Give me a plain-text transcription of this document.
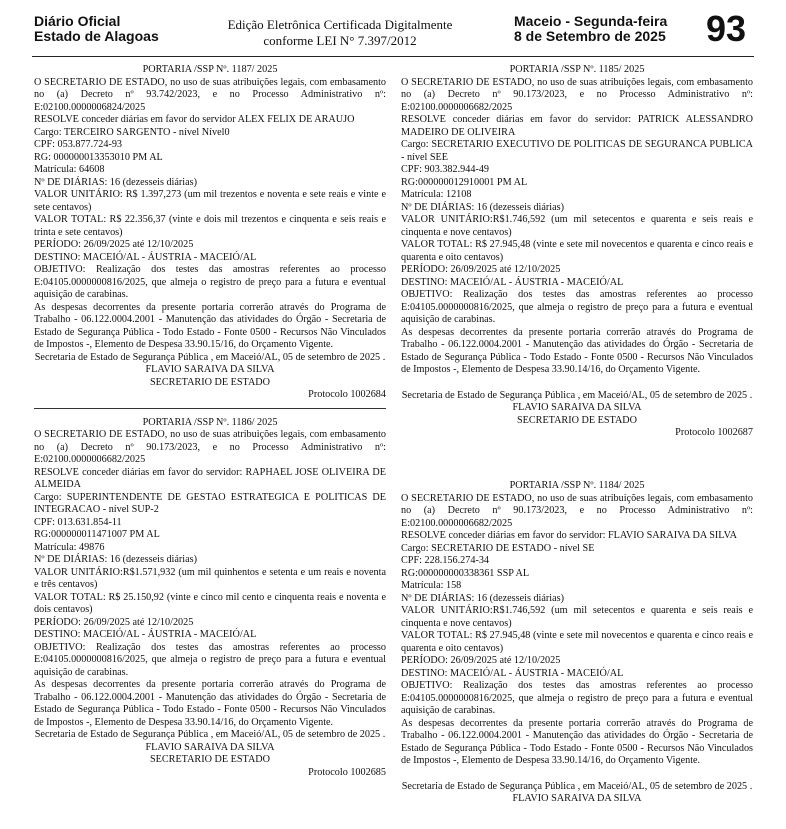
Diário Oficial
Estado de Alagoas
Edição Eletrônica Certificada Digitalmente
conforme LEI N° 7.397/2012
Maceio - Segunda-feira
8 de Setembro de 2025 93

PORTARIA /SSP Nº. 1187/ 2025

O SECRETARIO DE ESTADO, no uso de suas atribuições legais, com embasamento no (a) Decreto nº 93.742/2023, e no Processo Administrativo nº: E:02100.0000006824/2025

RESOLVE conceder diárias em favor do servidor ALEX FELIX DE ARAUJO

Cargo: TERCEIRO SARGENTO - nível Nível0

CPF: 053.877.724-93

RG: 000000013353010 PM AL

Matrícula: 64608

Nº DE DIÁRIAS: 16 (dezesseis diárias)

VALOR UNITÁRIO: R$ 1.397,273 (um mil trezentos e noventa e sete reais e vinte e sete centavos)

VALOR TOTAL: R$ 22.356,37 (vinte e dois mil trezentos e cinquenta e seis reais e trinta e sete centavos)

PERÍODO: 26/09/2025 até 12/10/2025

DESTINO: MACEIÓ/AL - ÁUSTRIA - MACEIÓ/AL

OBJETIVO: Realização dos testes das amostras referentes ao processo E:04105.0000000816/2025, que almeja o registro de preço para a futura e eventual aquisição de carabinas.

As despesas decorrentes da presente portaria correrão através do Programa de Trabalho - 06.122.0004.2001 - Manutenção das atividades do Órgão - Secretaria de Estado de Segurança Pública - Todo Estado - Fonte 0500 - Recursos Não Vinculados de Impostos -, Elemento de Despesa 33.90.15/16, do Orçamento Vigente.

Secretaria de Estado de Segurança Pública , em Maceió/AL, 05 de setembro de 2025 .

FLAVIO SARAIVA DA SILVA

SECRETARIO DE ESTADO

Protocolo 1002684

PORTARIA /SSP Nº. 1186/ 2025

O SECRETARIO DE ESTADO, no uso de suas atribuições legais, com embasamento no (a) Decreto nº 90.173/2023, e no Processo Administrativo nº: E:02100.0000006682/2025

RESOLVE conceder diárias em favor do servidor: RAPHAEL JOSE OLIVEIRA DE ALMEIDA

Cargo: SUPERINTENDENTE DE GESTAO ESTRATEGICA E POLITICAS DE INTEGRACAO - nível SUP-2

CPF: 013.631.854-11

RG:000000011471007 PM AL

Matrícula: 49876

Nº DE DIÁRIAS: 16 (dezesseis diárias)

VALOR UNITÁRIO:R$1.571,932 (um mil quinhentos e setenta e um reais e noventa e três centavos)

VALOR TOTAL: R$ 25.150,92 (vinte e cinco mil cento e cinquenta reais e noventa e dois centavos)

PERÍODO: 26/09/2025 até 12/10/2025

DESTINO: MACEIÓ/AL - ÁUSTRIA - MACEIÓ/AL

OBJETIVO: Realização dos testes das amostras referentes ao processo E:04105.0000000816/2025, que almeja o registro de preço para a futura e eventual aquisição de carabinas.

As despesas decorrentes da presente portaria correrão através do Programa de Trabalho - 06.122.0004.2001 - Manutenção das atividades do Órgão - Secretaria de Estado de Segurança Pública - Todo Estado - Fonte 0500 - Recursos Não Vinculados de Impostos -, Elemento de Despesa 33.90.14/16, do Orçamento Vigente.

Secretaria de Estado de Segurança Pública , em Maceió/AL, 05 de setembro de 2025 .

FLAVIO SARAIVA DA SILVA

SECRETARIO DE ESTADO

Protocolo 1002685

PORTARIA /SSP Nº. 1185/ 2025

O SECRETARIO DE ESTADO, no uso de suas atribuições legais, com embasamento no (a) Decreto nº 90.173/2023, e no Processo Administrativo nº: E:02100.0000006682/2025

RESOLVE conceder diárias em favor do servidor: PATRICK ALESSANDRO MADEIRO DE OLIVEIRA

Cargo: SECRETARIO EXECUTIVO DE POLITICAS DE SEGURANCA PUBLICA - nível SEE

CPF: 903.382.944-49

RG:000000012910001 PM AL

Matrícula: 12108

Nº DE DIÁRIAS: 16 (dezesseis diárias)

VALOR UNITÁRIO:R$1.746,592 (um mil setecentos e quarenta e seis reais e cinquenta e nove centavos)

VALOR TOTAL: R$ 27.945,48 (vinte e sete mil novecentos e quarenta e cinco reais e quarenta e oito centavos)

PERÍODO: 26/09/2025 até 12/10/2025

DESTINO: MACEIÓ/AL - ÁUSTRIA - MACEIÓ/AL

OBJETIVO: Realização dos testes das amostras referentes ao processo E:04105.0000000816/2025, que almeja o registro de preço para a futura e eventual aquisição de carabinas.

As despesas decorrentes da presente portaria correrão através do Programa de Trabalho - 06.122.0004.2001 - Manutenção das atividades do Órgão - Secretaria de Estado de Segurança Pública - Todo Estado - Fonte 0500 - Recursos Não Vinculados de Impostos -, Elemento de Despesa 33.90.14/16, do Orçamento Vigente.

Secretaria de Estado de Segurança Pública , em Maceió/AL, 05 de setembro de 2025 .

FLAVIO SARAIVA DA SILVA

SECRETARIO DE ESTADO

Protocolo 1002687

PORTARIA /SSP Nº. 1184/ 2025

O SECRETARIO DE ESTADO, no uso de suas atribuições legais, com embasamento no (a) Decreto nº 90.173/2023, e no Processo Administrativo nº: E:02100.0000006682/2025

RESOLVE conceder diárias em favor do servidor: FLAVIO SARAIVA DA SILVA

Cargo: SECRETARIO DE ESTADO - nível SE

CPF: 228.156.274-34

RG:000000000338361 SSP AL

Matrícula: 158

Nº DE DIÁRIAS: 16 (dezesseis diárias)

VALOR UNITÁRIO:R$1.746,592 (um mil setecentos e quarenta e seis reais e cinquenta e nove centavos)

VALOR TOTAL: R$ 27.945,48 (vinte e sete mil novecentos e quarenta e cinco reais e quarenta e oito centavos)

PERÍODO: 26/09/2025 até 12/10/2025

DESTINO: MACEIÓ/AL - ÁUSTRIA - MACEIÓ/AL

OBJETIVO: Realização dos testes das amostras referentes ao processo E:04105.0000000816/2025, que almeja o registro de preço para a futura e eventual aquisição de carabinas.

As despesas decorrentes da presente portaria correrão através do Programa de Trabalho - 06.122.0004.2001 - Manutenção das atividades do Órgão - Secretaria de Estado de Segurança Pública - Todo Estado - Fonte 0500 - Recursos Não Vinculados de Impostos -, Elemento de Despesa 33.90.14/16, do Orçamento Vigente.

Secretaria de Estado de Segurança Pública , em Maceió/AL, 05 de setembro de 2025 .

FLAVIO SARAIVA DA SILVA
